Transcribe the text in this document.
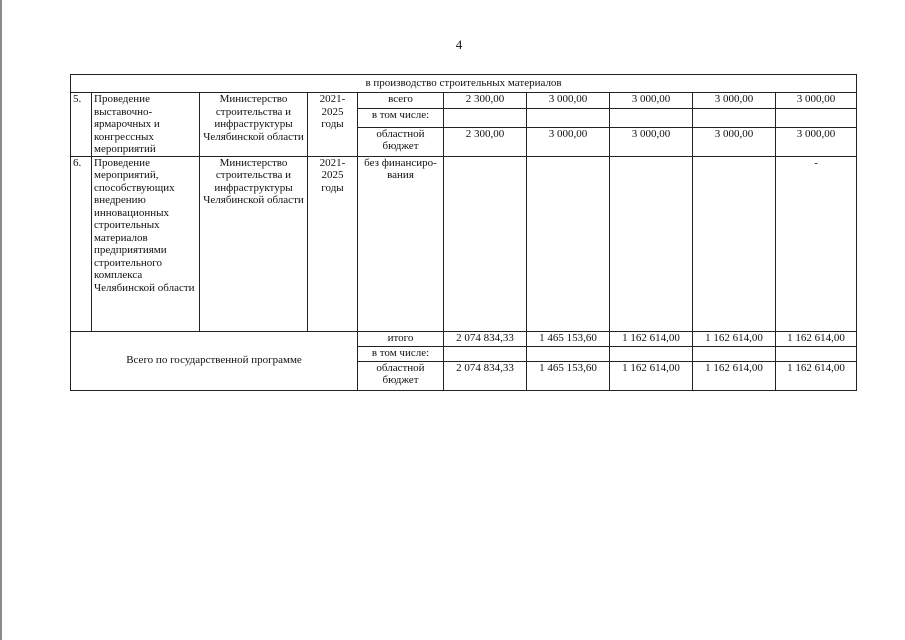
4
в производство строительных материалов									
5.	Проведение выставочно-ярмарочных и конгрессных мероприятий	Министерство строительства и инфраструктуры Челябинской области	2021-2025 годы	всего	2 300,00	3 000,00	3 000,00	3 000,00	3 000,00
				в том числе:					
				областной бюджет	2 300,00	3 000,00	3 000,00	3 000,00	3 000,00
6.	Проведение мероприятий, способствующих внедрению инновационных строительных материалов предприятиями строительного комплекса Челябинской области	Министерство строительства и инфраструктуры Челябинской области	2021-2025 годы	без финансиро-вания					-
Всего по государственной программе				итого	2 074 834,33	1 465 153,60	1 162 614,00	1 162 614,00	1 162 614,00
				в том числе:					
				областной бюджет	2 074 834,33	1 465 153,60	1 162 614,00	1 162 614,00	1 162 614,00
